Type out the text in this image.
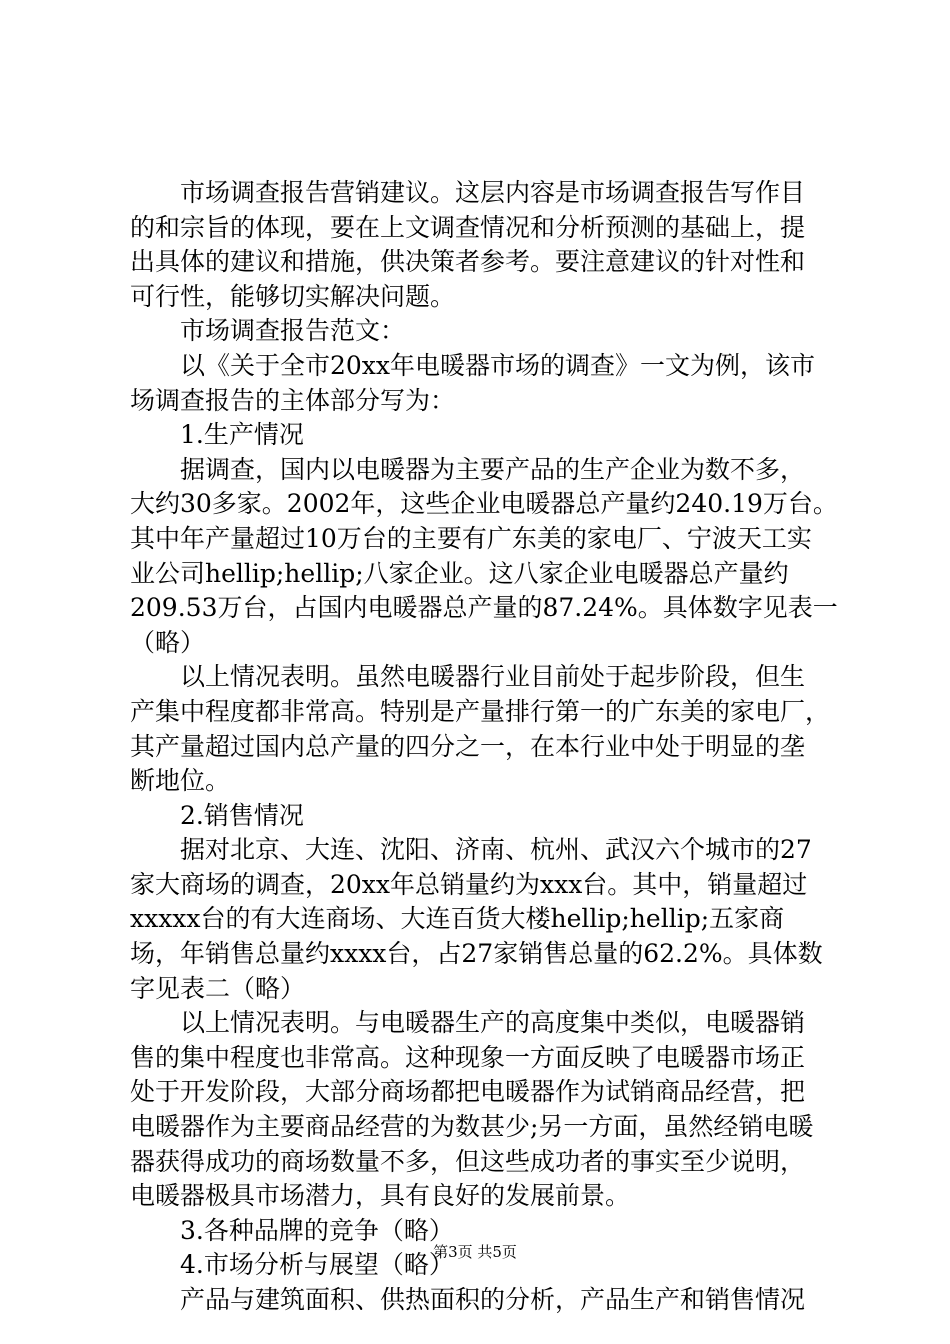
市场调查报告营销建议。这层内容是市场调查报告写作目
的和宗旨的体现，要在上文调查情况和分析预测的基础上，提
出具体的建议和措施，供决策者参考。要注意建议的针对性和
可行性，能够切实解决问题。
市场调查报告范文：
以《关于全市20xx年电暖器市场的调查》一文为例，该市
场调查报告的主体部分写为：
1.生产情况
据调查，国内以电暖器为主要产品的生产企业为数不多，
大约30多家。2002年，这些企业电暖器总产量约240.19万台。
其中年产量超过10万台的主要有广东美的家电厂、宁波天工实
业公司hellip;hellip;八家企业。这八家企业电暖器总产量约
209.53万台，占国内电暖器总产量的87.24%。具体数字见表一
（略）
以上情况表明。虽然电暖器行业目前处于起步阶段，但生
产集中程度都非常高。特别是产量排行第一的广东美的家电厂，
其产量超过国内总产量的四分之一，在本行业中处于明显的垄
断地位。
2.销售情况
据对北京、大连、沈阳、济南、杭州、武汉六个城市的27
家大商场的调查，20xx年总销量约为xxx台。其中，销量超过
xxxxx台的有大连商场、大连百货大楼hellip;hellip;五家商
场，年销售总量约xxxx台，占27家销售总量的62.2%。具体数
字见表二（略）
以上情况表明。与电暖器生产的高度集中类似，电暖器销
售的集中程度也非常高。这种现象一方面反映了电暖器市场正
处于开发阶段，大部分商场都把电暖器作为试销商品经营，把
电暖器作为主要商品经营的为数甚少;另一方面，虽然经销电暖
器获得成功的商场数量不多，但这些成功者的事实至少说明，
电暖器极具市场潜力，具有良好的发展前景。
3.各种品牌的竞争（略）
4.市场分析与展望（略）
产品与建筑面积、供热面积的分析，产品生产和销售情况
第3页 共5页
